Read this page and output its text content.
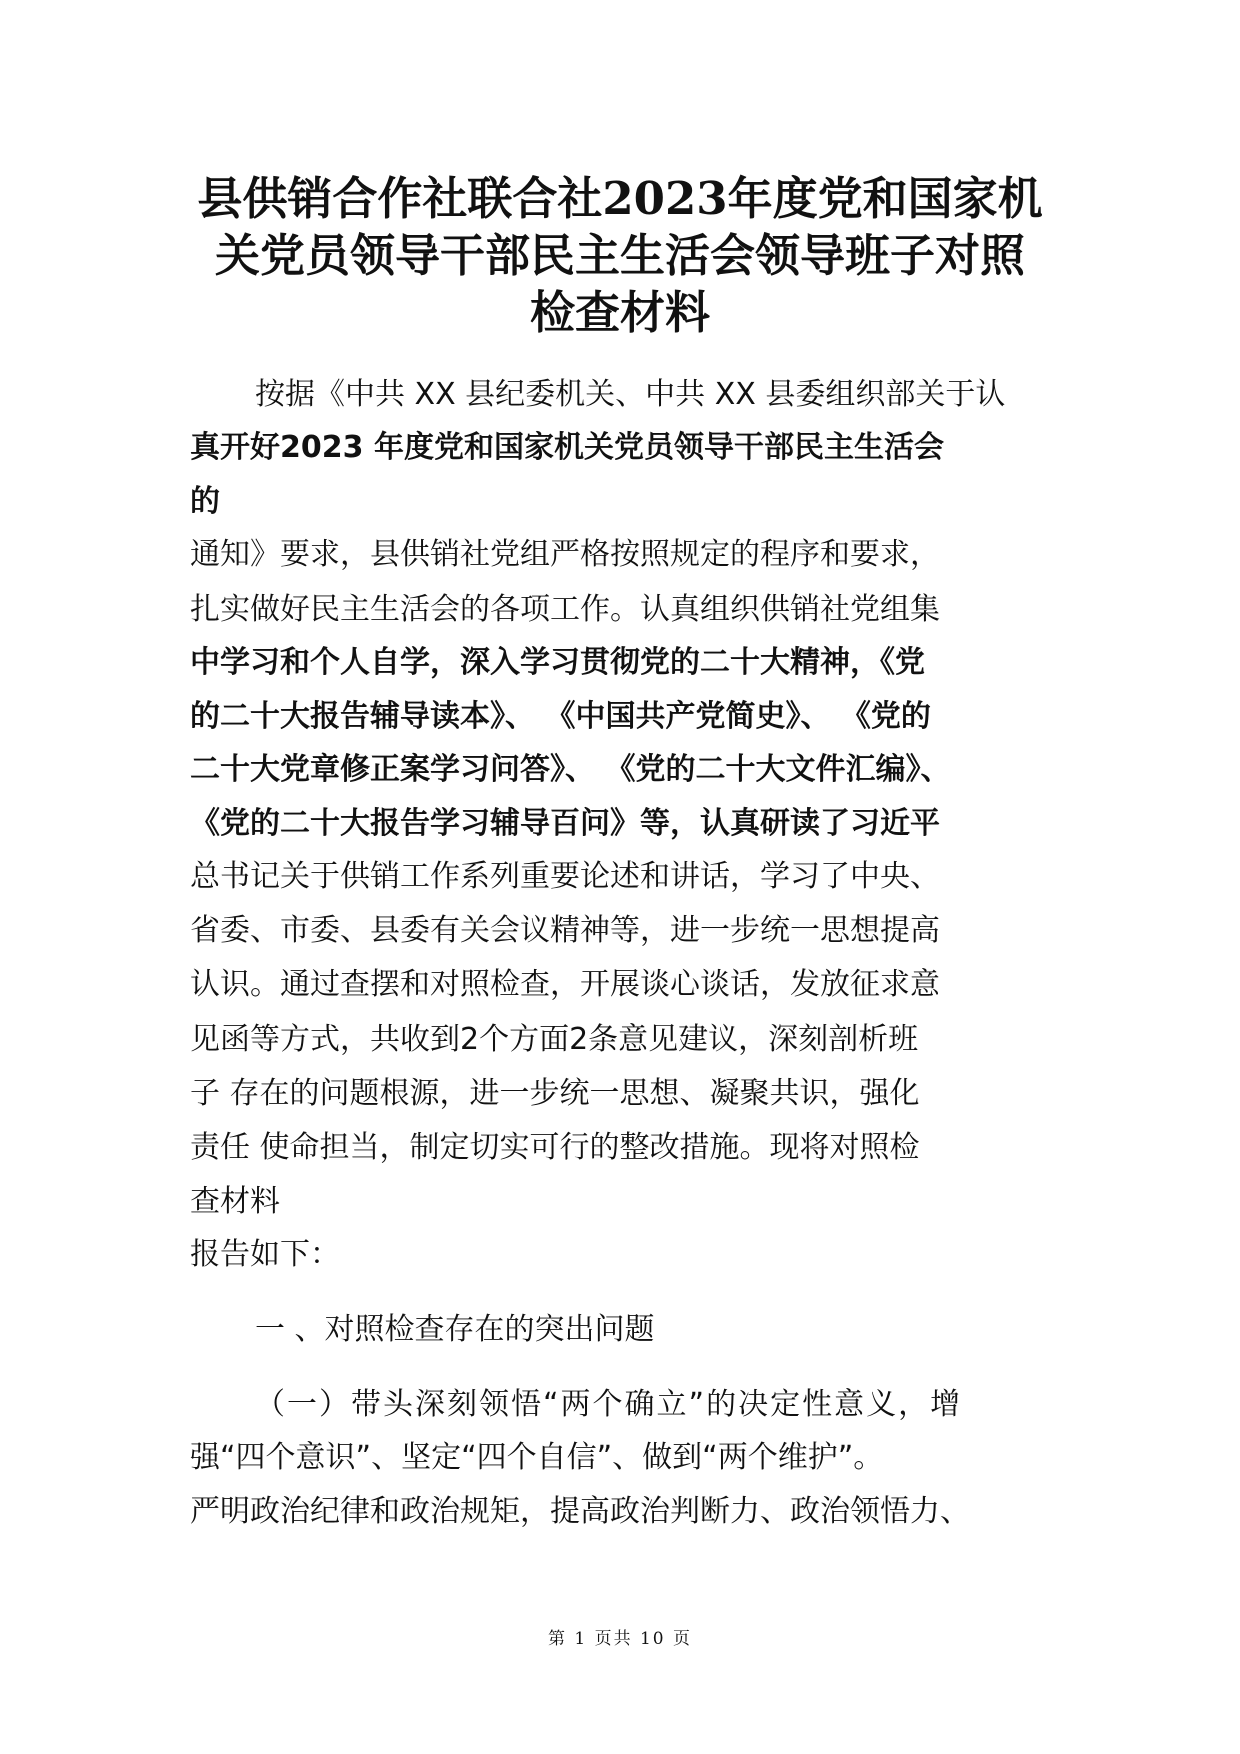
县供销合作社联合社2023年度党和国家机
关党员领导干部民主生活会领导班子对照
检查材料
按据《中共 XX 县纪委机关、中共 XX 县委组织部关于认
真开好2023 年度党和国家机关党员领导干部民主生活会
的
通知》要求，县供销社党组严格按照规定的程序和要求，
扎实做好民主生活会的各项工作。认真组织供销社党组集
中学习和个人自学，深入学习贯彻党的二十大精神，《党
的二十大报告辅导读本》、 《中国共产党简史》、 《党的
二十大党章修正案学习问答》、 《党的二十大文件汇编》、
《党的二十大报告学习辅导百问》等，认真研读了习近平
总书记关于供销工作系列重要论述和讲话，学习了中央、
省委、市委、县委有关会议精神等，进一步统一思想提高
认识。通过查摆和对照检查，开展谈心谈话，发放征求意
见函等方式，共收到2个方面2条意见建议，深刻剖析班
子 存在的问题根源，进一步统一思想、凝聚共识，强化
责任 使命担当，制定切实可行的整改措施。现将对照检
查材料
报告如下：
一 、对照检查存在的突出问题
（一）带头深刻领悟“两个确立”的决定性意义，增
强“四个意识”、坚定“四个自信”、做到“两个维护”。
严明政治纪律和政治规矩，提高政治判断力、政治领悟力、
第 1 页共 10 页
